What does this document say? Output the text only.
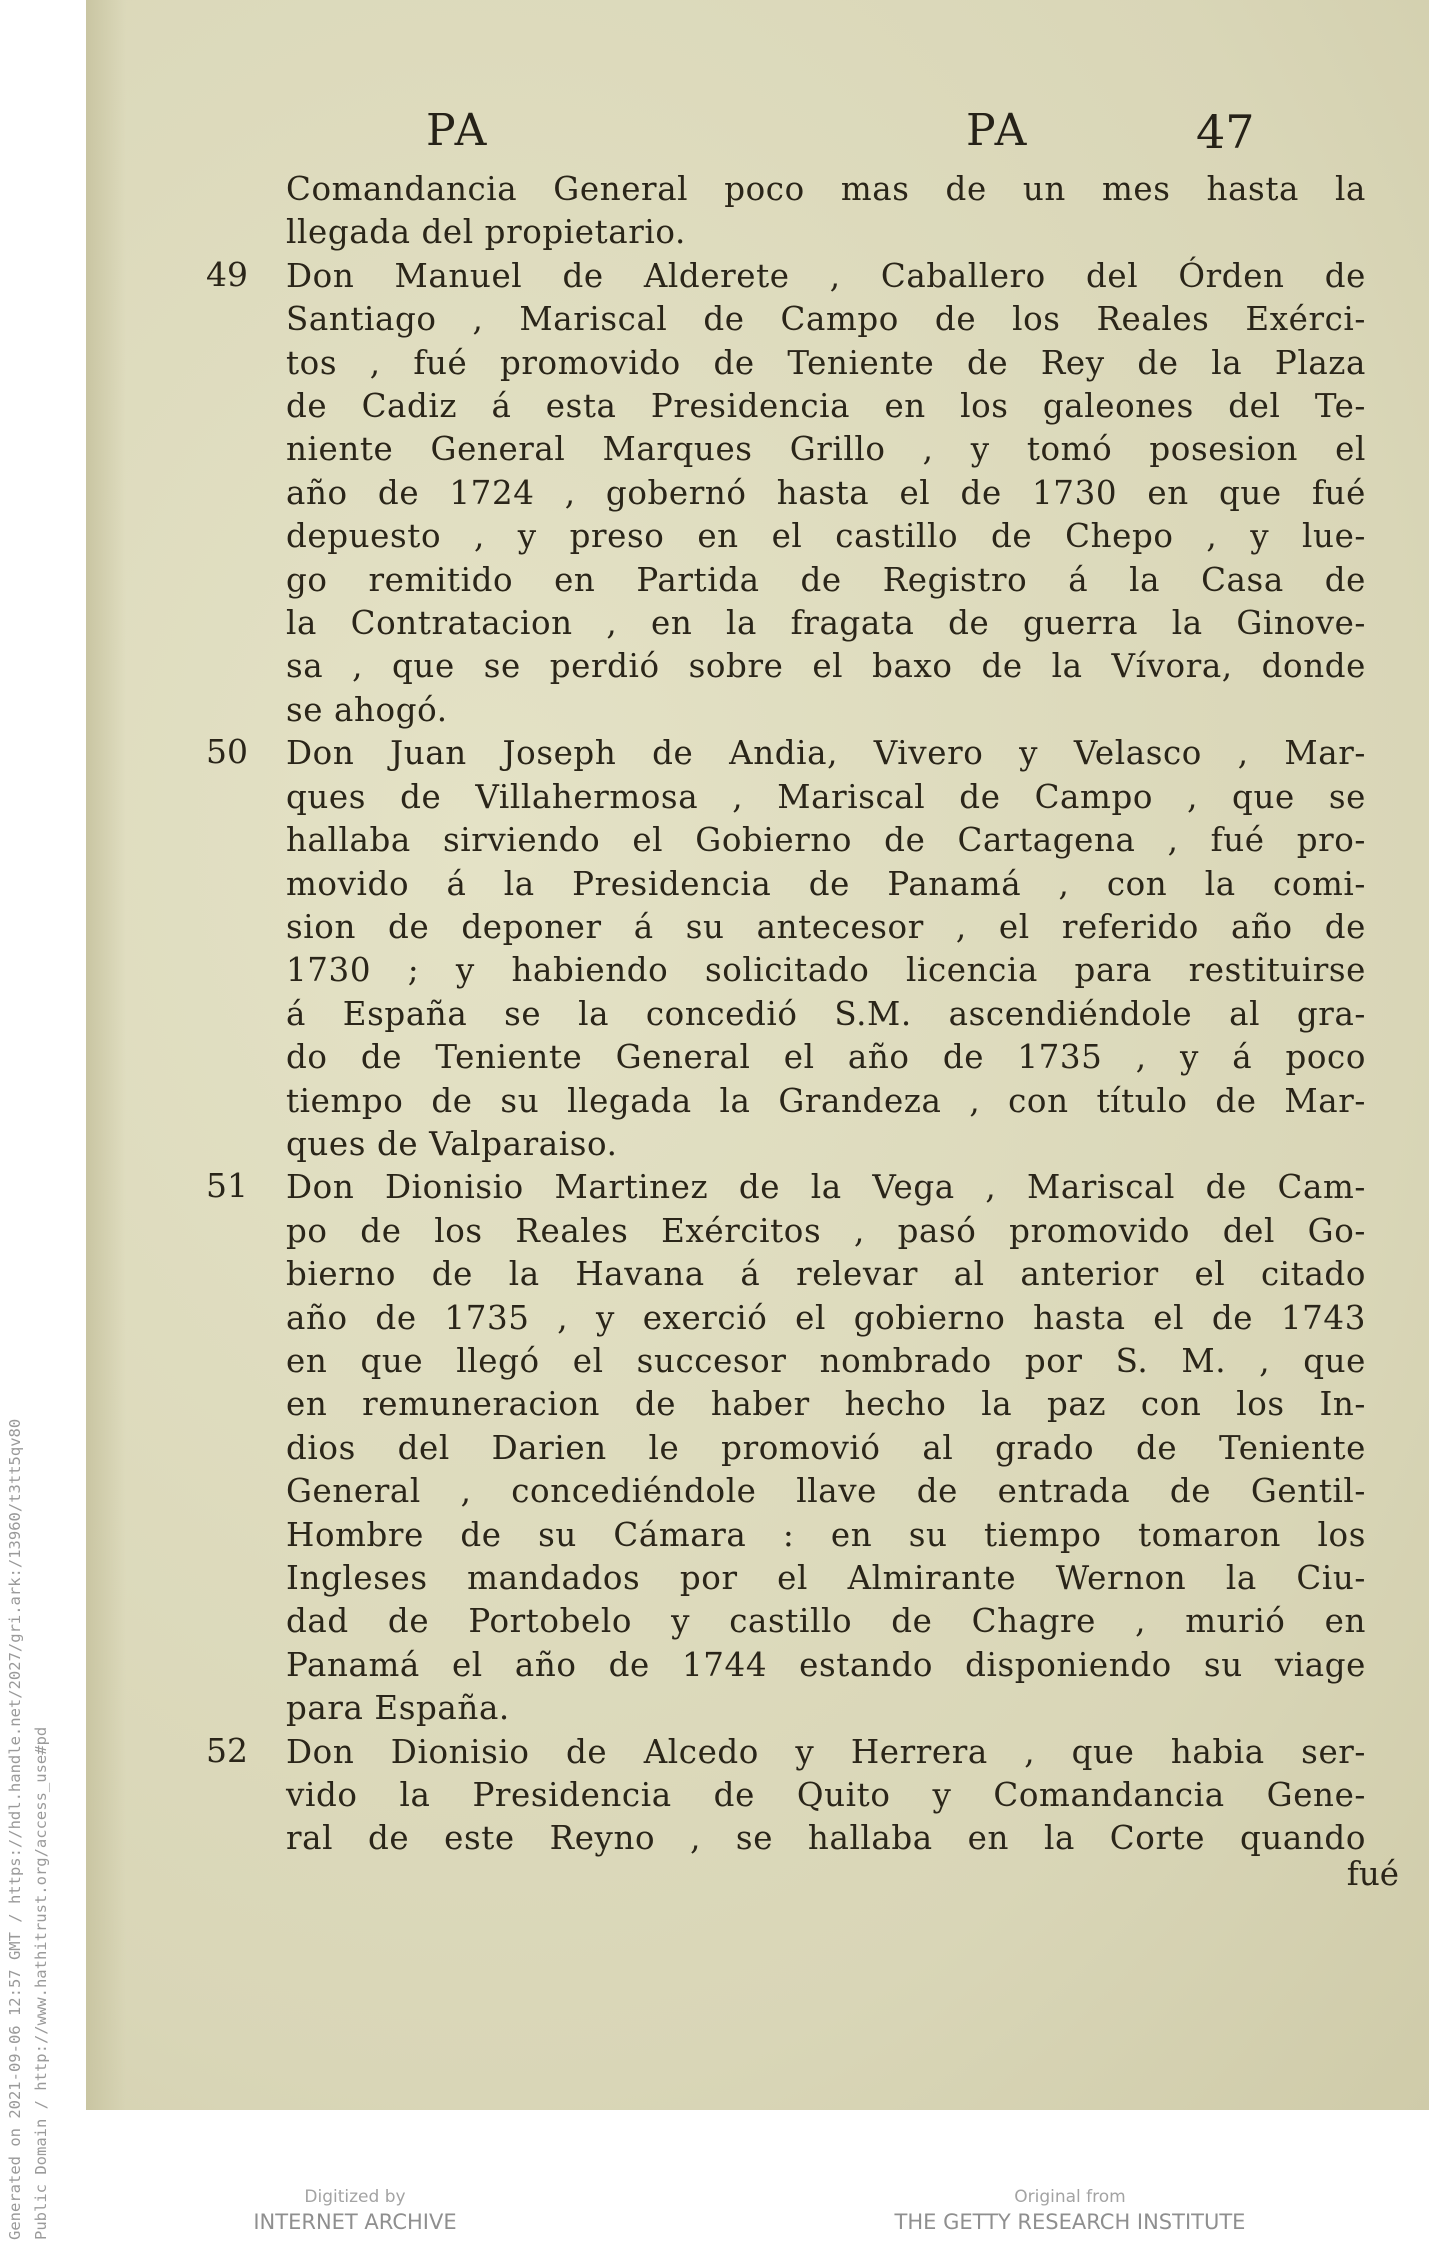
PA	PA	47
Comandancia General poco mas de un mes hasta la
llegada del propietario.
49 Don Manuel de Alderete , Caballero del Órden de
Santiago , Mariscal de Campo de los Reales Exérci-
tos , fué promovido de Teniente de Rey de la Plaza
de Cadiz á esta Presidencia en los galeones del Te-
niente General Marques Grillo , y tomó posesion el
año de 1724 , gobernó hasta el de 1730 en que fué
depuesto , y preso en el castillo de Chepo , y lue-
go remitido en Partida de Registro á la Casa de
la Contratacion , en la fragata de guerra la Ginove-
sa , que se perdió sobre el baxo de la Vívora, donde
se ahogó.
50 Don Juan Joseph de Andia, Vivero y Velasco , Mar-
ques de Villahermosa , Mariscal de Campo , que se
hallaba sirviendo el Gobierno de Cartagena , fué pro-
movido á la Presidencia de Panamá , con la comi-
sion de deponer á su antecesor , el referido año de
1730 ; y habiendo solicitado licencia para restituirse
á España se la concedió S.M. ascendiéndole al gra-
do de Teniente General el año de 1735 , y á poco
tiempo de su llegada la Grandeza , con título de Mar-
ques de Valparaiso.
51 Don Dionisio Martinez de la Vega , Mariscal de Cam-
po de los Reales Exércitos , pasó promovido del Go-
bierno de la Havana á relevar al anterior el citado
año de 1735 , y exerció el gobierno hasta el de 1743
en que llegó el succesor nombrado por S. M. , que
en remuneracion de haber hecho la paz con los In-
dios del Darien le promovió al grado de Teniente
General , concediéndole llave de entrada de Gentil-
Hombre de su Cámara : en su tiempo tomaron los
Ingleses mandados por el Almirante Wernon la Ciu-
dad de Portobelo y castillo de Chagre , murió en
Panamá el año de 1744 estando disponiendo su viage
para España.
52 Don Dionisio de Alcedo y Herrera , que habia ser-
vido la Presidencia de Quito y Comandancia Gene-
ral de este Reyno , se hallaba en la Corte quando
fué
Generated on 2021-09-06 12:57 GMT / https://hdl.handle.net/2027/gri.ark:/13960/t3tt5qv80 Public Domain / http://www.hathitrust.org/access_use#pd	Digitized by
INTERNET ARCHIVE
Original from
THE GETTY RESEARCH INSTITUTE
